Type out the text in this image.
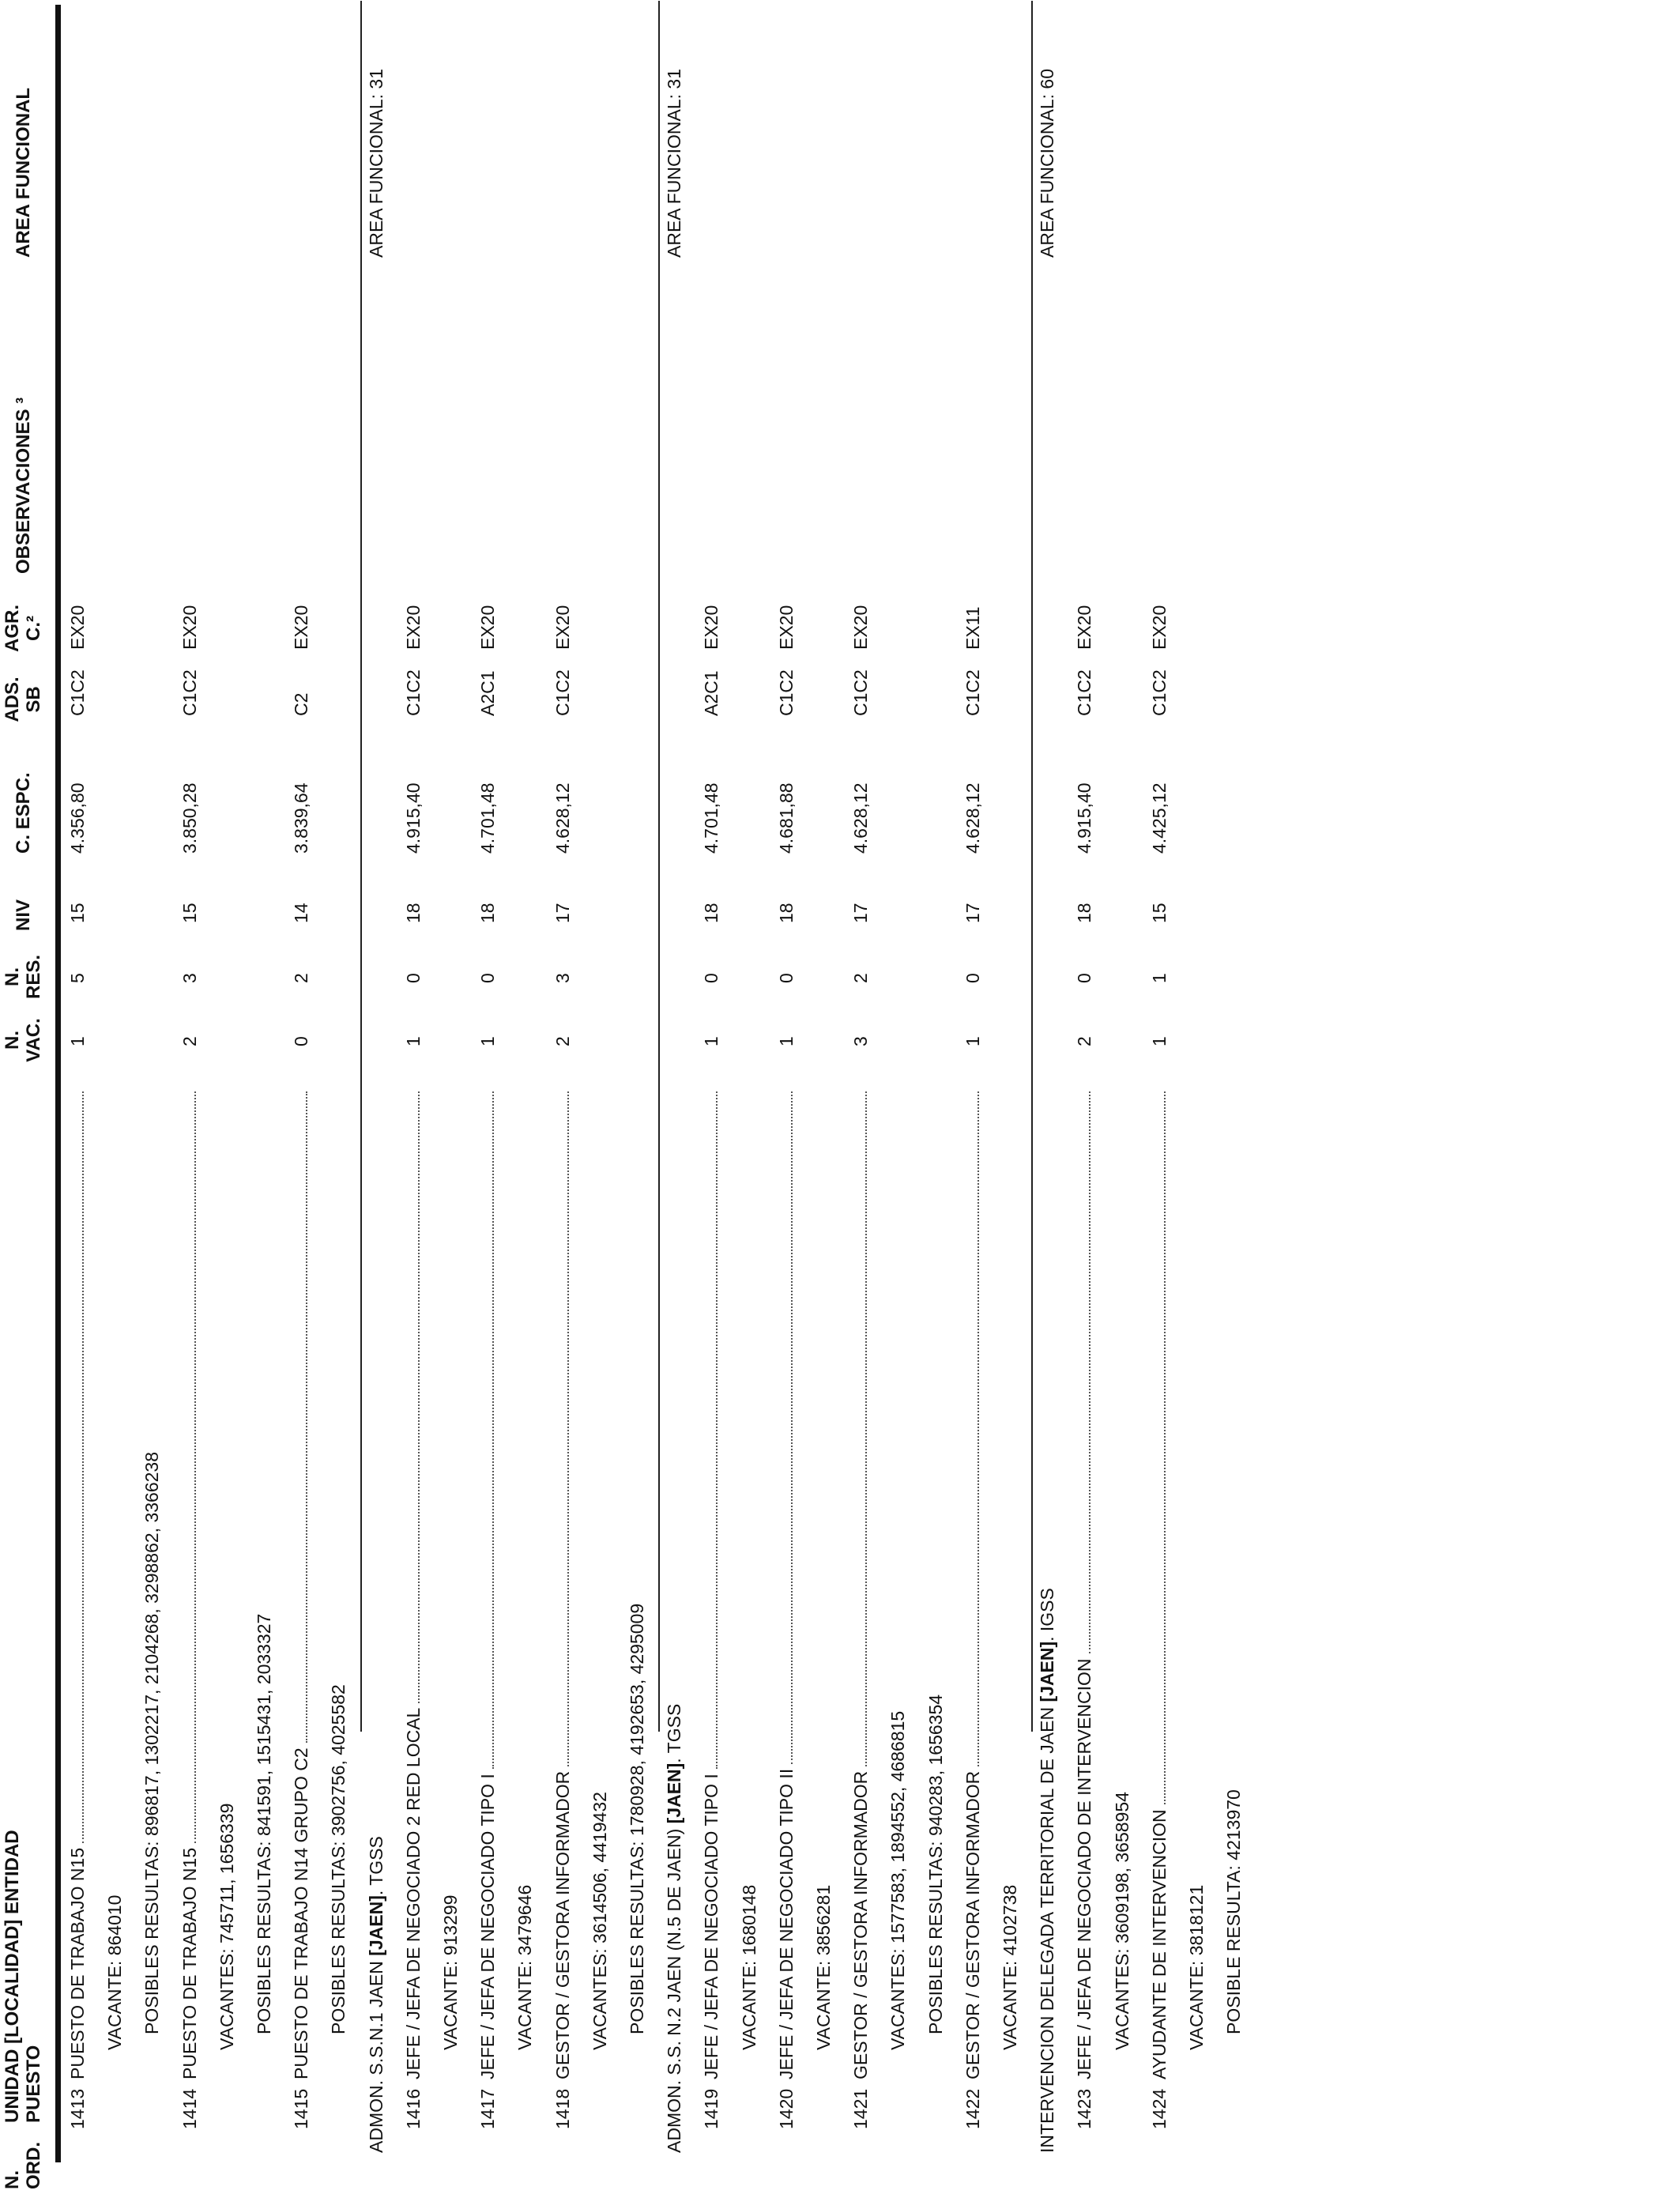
N. ORD.
UNIDAD [LOCALIDAD] ENTIDAD PUESTO
N. VAC.
N. RES.
NIV
C. ESPC.
ADS. SB
AGR. C.²
OBSERVACIONES ³
AREA FUNCIONAL
1413
PUESTO DE TRABAJO N15
1
5
15
4.356,80
C1C2
EX20
VACANTE: 864010 POSIBLES RESULTAS: 896817, 1302217, 2104268, 3298862, 3366238
1414
PUESTO DE TRABAJO N15
2
3
15
3.850,28
C1C2
EX20
VACANTES: 745711, 1656339 POSIBLES RESULTAS: 841591, 1515431, 2033327
1415
PUESTO DE TRABAJO N14 GRUPO C2
0
2
14
3.839,64
C2
EX20
POSIBLES RESULTAS: 3902756, 4025582
ADMON. S.S.N.1 JAEN [JAEN]. TGSS
AREA FUNCIONAL: 31
1416
JEFE / JEFA DE NEGOCIADO 2 RED LOCAL
1
0
18
4.915,40
C1C2
EX20
VACANTE: 913299
1417
JEFE / JEFA DE NEGOCIADO TIPO I
1
0
18
4.701,48
A2C1
EX20
VACANTE: 3479646
1418
GESTOR / GESTORA INFORMADOR
2
3
17
4.628,12
C1C2
EX20
VACANTES: 3614506, 4419432 POSIBLES RESULTAS: 1780928, 4192653, 4295009 ADMON. S.S. N.2 JAEN (N.5 DE JAEN) [JAEN]. TGSS
AREA FUNCIONAL: 31
1419
JEFE / JEFA DE NEGOCIADO TIPO I
1
0
18
4.701,48
A2C1
EX20
VACANTE: 1680148
1420
JEFE / JEFA DE NEGOCIADO TIPO II
1
0
18
4.681,88
C1C2
EX20
VACANTE: 3856281
1421
GESTOR / GESTORA INFORMADOR
3
2
17
4.628,12
C1C2
EX20
VACANTES: 1577583, 1894552, 4686815 POSIBLES RESULTAS: 940283, 1656354
1422
GESTOR / GESTORA INFORMADOR
1
0
17
4.628,12
C1C2
EX11
VACANTE: 4102738 INTERVENCION DELEGADA TERRITORIAL DE JAEN [JAEN]. IGSS
AREA FUNCIONAL: 60
1423
JEFE / JEFA DE NEGOCIADO DE INTERVENCION
2
0
18
4.915,40
C1C2
EX20
VACANTES: 3609198, 3658954
1424
AYUDANTE DE INTERVENCION
1
1
15
4.425,12
C1C2
EX20
VACANTE: 3818121 POSIBLE RESULTA: 4213970
